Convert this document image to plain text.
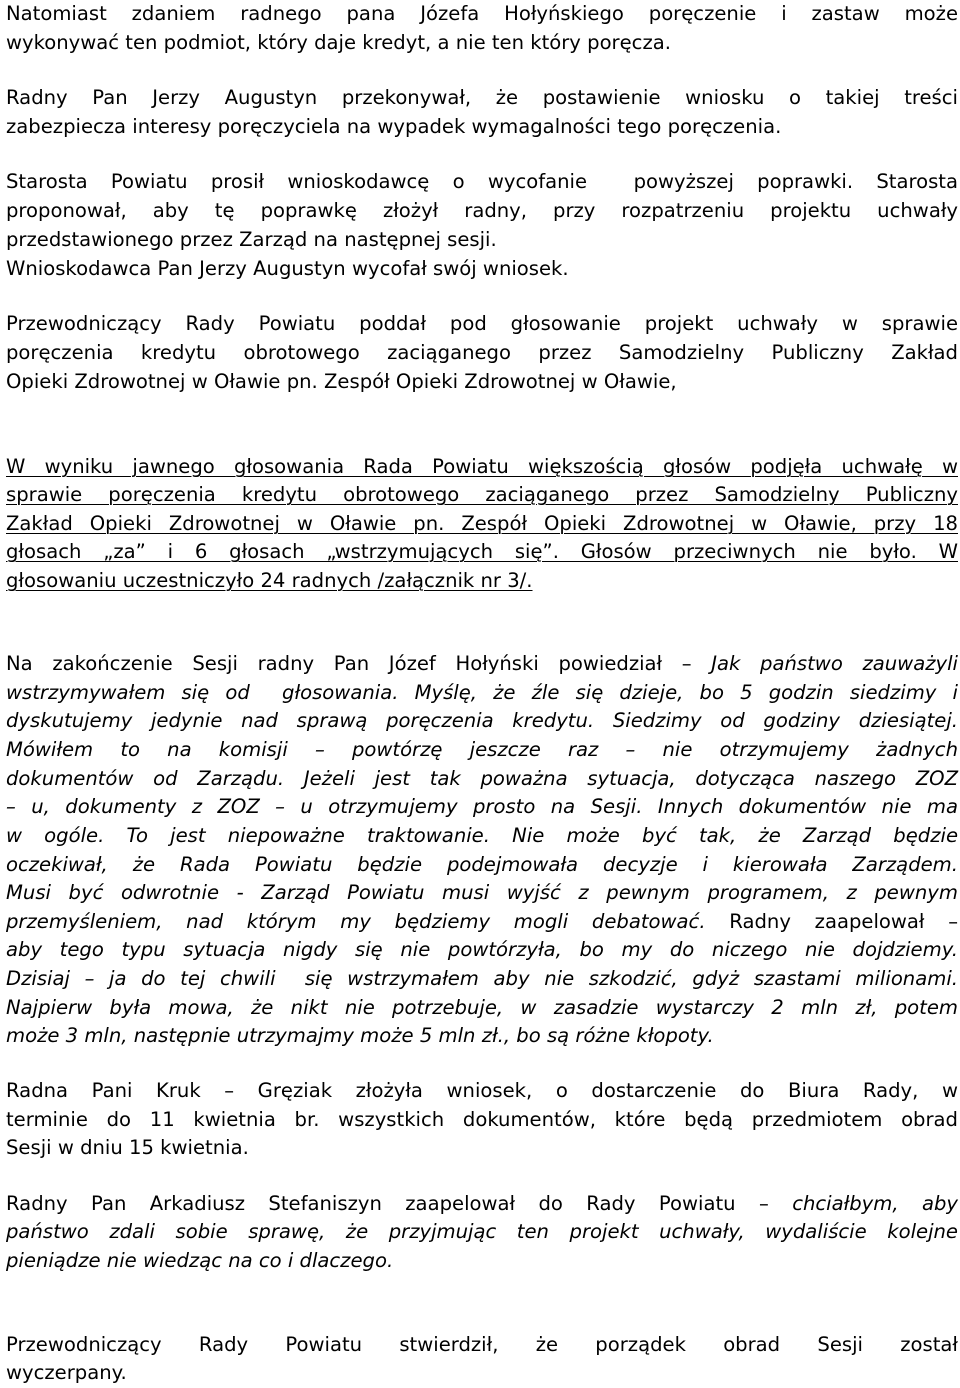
Natomiast zdaniem radnego pana Józefa Hołyńskiego poręczenie i zastaw może
wykonywać ten podmiot, który daje kredyt, a nie ten który poręcza.
Radny Pan Jerzy Augustyn przekonywał, że postawienie wniosku o takiej treści
zabezpiecza interesy poręczyciela na wypadek wymagalności tego poręczenia.
Starosta Powiatu prosił wnioskodawcę o wycofanie  powyższej poprawki. Starosta
proponował, aby tę poprawkę złożył radny, przy rozpatrzeniu projektu uchwały
przedstawionego przez Zarząd na następnej sesji.
Wnioskodawca Pan Jerzy Augustyn wycofał swój wniosek.
Przewodniczący Rady Powiatu poddał pod głosowanie projekt uchwały w sprawie
poręczenia kredytu obrotowego zaciąganego przez Samodzielny Publiczny Zakład
Opieki Zdrowotnej w Oławie pn. Zespół Opieki Zdrowotnej w Oławie,
W wyniku jawnego głosowania Rada Powiatu większością głosów podjęła uchwałę w
sprawie poręczenia kredytu obrotowego zaciąganego przez Samodzielny Publiczny
Zakład Opieki Zdrowotnej w Oławie pn. Zespół Opieki Zdrowotnej w Oławie, przy 18
głosach „za” i 6 głosach „wstrzymujących się”. Głosów przeciwnych nie było. W
głosowaniu uczestniczyło 24 radnych /załącznik nr 3/.
Na zakończenie Sesji radny Pan Józef Hołyński powiedział – Jak państwo zauważyli
wstrzymywałem się od  głosowania. Myślę, że źle się dzieje, bo 5 godzin siedzimy i
dyskutujemy jedynie nad sprawą poręczenia kredytu. Siedzimy od godziny dziesiątej.
Mówiłem to na komisji – powtórzę jeszcze raz – nie otrzymujemy żadnych
dokumentów od Zarządu. Jeżeli jest tak poważna sytuacja, dotycząca naszego ZOZ
– u, dokumenty z ZOZ – u otrzymujemy prosto na Sesji. Innych dokumentów nie ma
w ogóle. To jest niepoważne traktowanie. Nie może być tak, że Zarząd będzie
oczekiwał, że Rada Powiatu będzie podejmowała decyzje i kierowała Zarządem.
Musi być odwrotnie - Zarząd Powiatu musi wyjść z pewnym programem, z pewnym
przemyśleniem, nad którym my będziemy mogli debatować. Radny zaapelował –
aby tego typu sytuacja nigdy się nie powtórzyła, bo my do niczego nie dojdziemy.
Dzisiaj – ja do tej chwili  się wstrzymałem aby nie szkodzić, gdyż szastami milionami.
Najpierw była mowa, że nikt nie potrzebuje, w zasadzie wystarczy 2 mln zł, potem
może 3 mln, następnie utrzymajmy może 5 mln zł., bo są różne kłopoty.
Radna Pani Kruk – Gręziak złożyła wniosek, o dostarczenie do Biura Rady, w
terminie do 11 kwietnia br. wszystkich dokumentów, które będą przedmiotem obrad
Sesji w dniu 15 kwietnia.
Radny Pan Arkadiusz Stefaniszyn zaapelował do Rady Powiatu – chciałbym, aby
państwo zdali sobie sprawę, że przyjmując ten projekt uchwały, wydaliście kolejne
pieniądze nie wiedząc na co i dlaczego.
Przewodniczący Rady Powiatu stwierdził, że porządek obrad Sesji został
wyczerpany.
